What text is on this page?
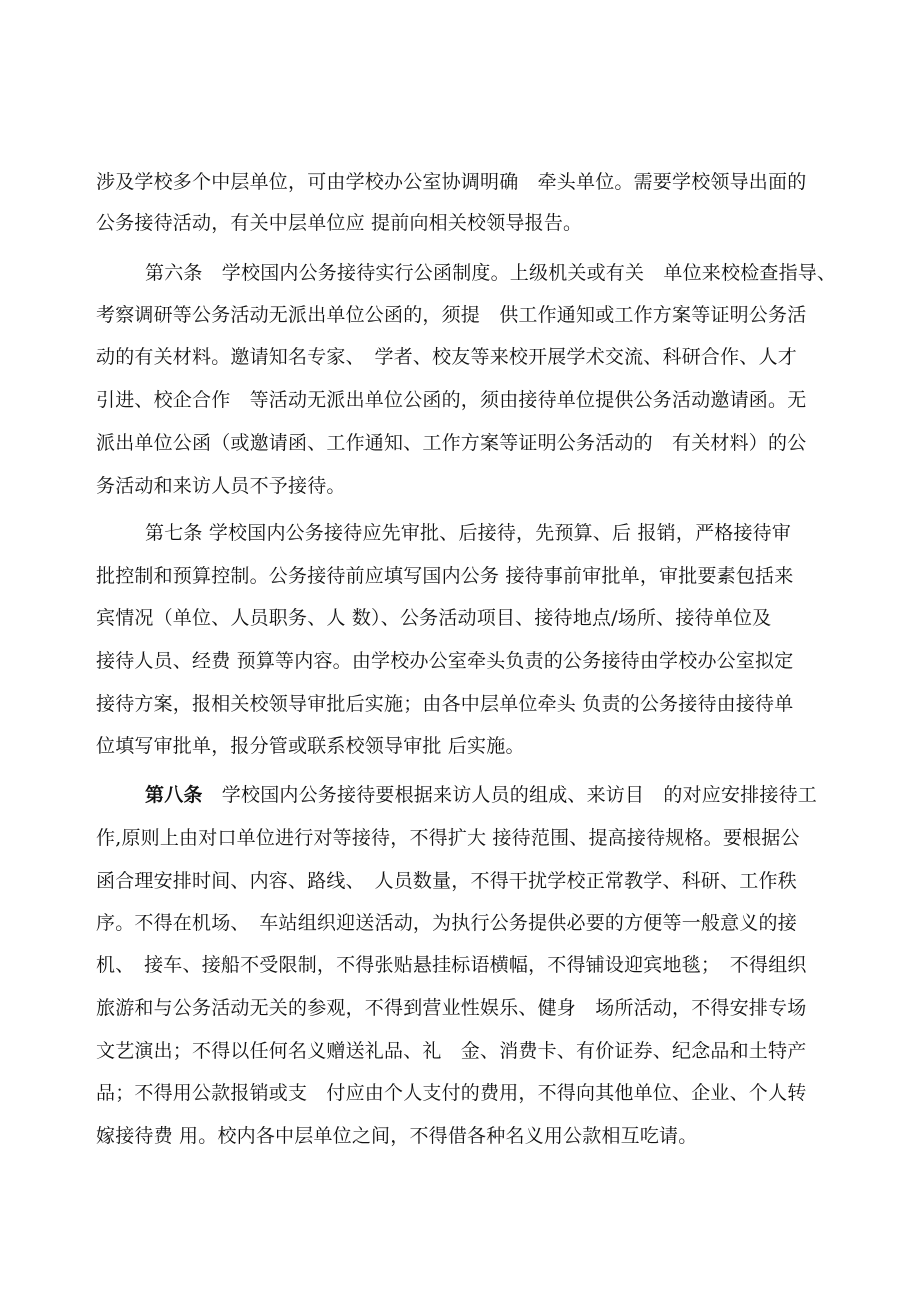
涉及学校多个中层单位，可由学校办公室协调明确　牵头单位。需要学校领导出面的
公务接待活动，有关中层单位应 提前向相关校领导报告。
第六条　学校国内公务接待实行公函制度。上级机关或有关　单位来校检查指导、
考察调研等公务活动无派出单位公函的，须提　供工作通知或工作方案等证明公务活
动的有关材料。邀请知名专家、　学者、校友等来校开展学术交流、科研合作、人才
引进、校企合作　等活动无派出单位公函的，须由接待单位提供公务活动邀请函。无
派出单位公函（或邀请函、工作通知、工作方案等证明公务活动的　有关材料）的公
务活动和来访人员不予接待。
第七条 学校国内公务接待应先审批、后接待，先预算、后 报销，严格接待审
批控制和预算控制。公务接待前应填写国内公务 接待事前审批单，审批要素包括来
宾情况（单位、人员职务、人 数）、公务活动项目、接待地点/场所、接待单位及
接待人员、经费 预算等内容。由学校办公室牵头负责的公务接待由学校办公室拟定
接待方案，报相关校领导审批后实施；由各中层单位牵头 负责的公务接待由接待单
位填写审批单，报分管或联系校领导审批 后实施。
第八条　学校国内公务接待要根据来访人员的组成、来访目　的对应安排接待工
作,原则上由对口单位进行对等接待，不得扩大 接待范围、提高接待规格。要根据公
函合理安排时间、内容、路线、　人员数量，不得干扰学校正常教学、科研、工作秩
序。不得在机场、　车站组织迎送活动，为执行公务提供必要的方便等一般意义的接
机、　接车、接船不受限制，不得张贴悬挂标语横幅，不得铺设迎宾地毯；　不得组织
旅游和与公务活动无关的参观，不得到营业性娱乐、健身　场所活动，不得安排专场
文艺演出；不得以任何名义赠送礼品、礼　金、消费卡、有价证券、纪念品和土特产
品；不得用公款报销或支　付应由个人支付的费用，不得向其他单位、企业、个人转
嫁接待费 用。校内各中层单位之间，不得借各种名义用公款相互吃请。
